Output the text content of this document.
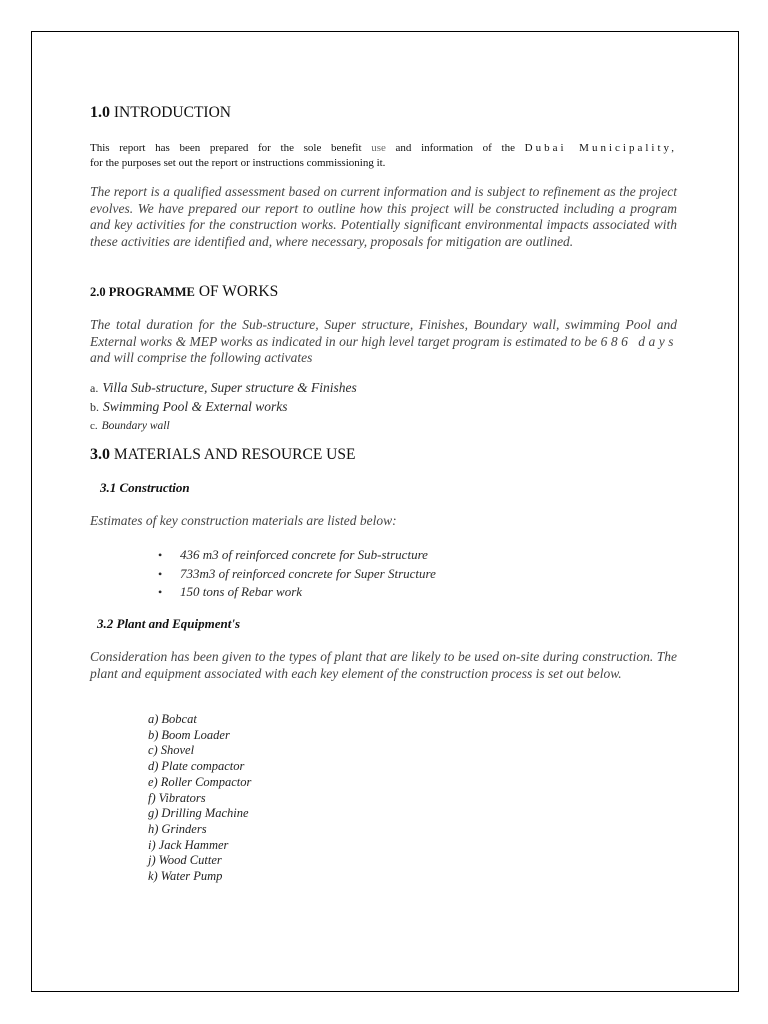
1.0 INTRODUCTION
This report has been prepared for the sole benefit use and information of the Dubai Municipality,
for the purposes set out the report or instructions commissioning it.
The report is a qualified assessment based on current information and is subject to refinement as the project evolves. We have prepared our report to outline how this project will be constructed including a program and key activities for the construction works. Potentially significant environmental impacts associated with these activities are identified and, where necessary, proposals for mitigation are outlined.
2.0 PROGRAMME OF WORKS
The total duration for the Sub-structure, Super structure, Finishes, Boundary wall, swimming Pool and External works & MEP works as indicated in our high level target program is estimated to be 686 days and will comprise the following activates
a. Villa Sub-structure, Super structure & Finishes
b. Swimming Pool & External works
c. Boundary wall
3.0 MATERIALS AND RESOURCE USE
3.1 Construction
Estimates of key construction materials are listed below:
•	436 m3 of reinforced concrete for Sub-structure
•	733m3 of reinforced concrete for Super Structure
•	150 tons of Rebar work
3.2 Plant and Equipment's
Consideration has been given to the types of plant that are likely to be used on-site during construction. The plant and equipment associated with each key element of the construction process is set out below.
a) Bobcat
b) Boom Loader
c) Shovel
d) Plate compactor
e) Roller Compactor
f) Vibrators
g) Drilling Machine
h) Grinders
i) Jack Hammer
j) Wood Cutter
k) Water Pump
